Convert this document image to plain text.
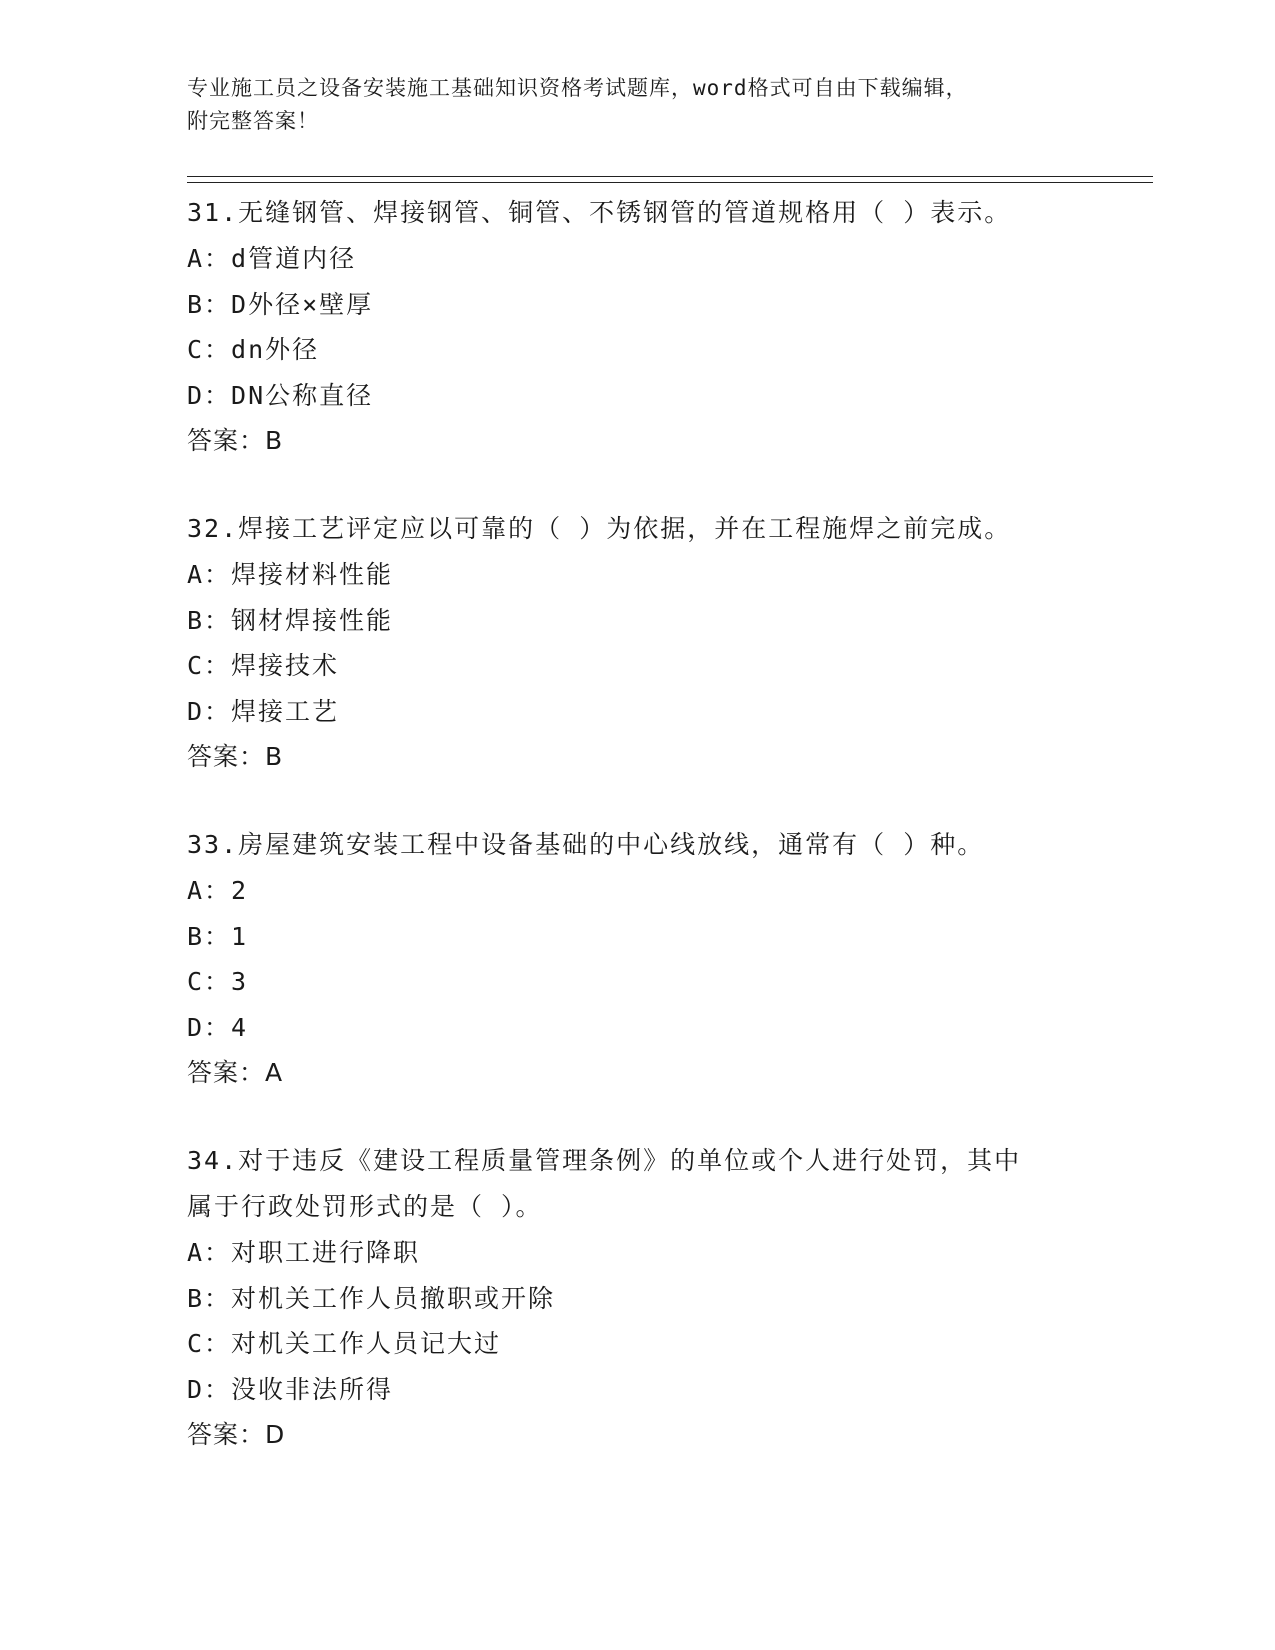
专业施工员之设备安装施工基础知识资格考试题库，word格式可自由下载编辑，
附完整答案！
31.无缝钢管、焊接钢管、铜管、不锈钢管的管道规格用（ ）表示。
A：d管道内径
B：D外径×壁厚
C：dn外径
D：DN公称直径
答案：B
32.焊接工艺评定应以可靠的（ ）为依据，并在工程施焊之前完成。
A：焊接材料性能
B：钢材焊接性能
C：焊接技术
D：焊接工艺
答案：B
33.房屋建筑安装工程中设备基础的中心线放线，通常有（ ）种。
A：2
B：1
C：3
D：4
答案：A
34.对于违反《建设工程质量管理条例》的单位或个人进行处罚，其中
属于行政处罚形式的是（ ）。
A：对职工进行降职
B：对机关工作人员撤职或开除
C：对机关工作人员记大过
D：没收非法所得
答案：D
